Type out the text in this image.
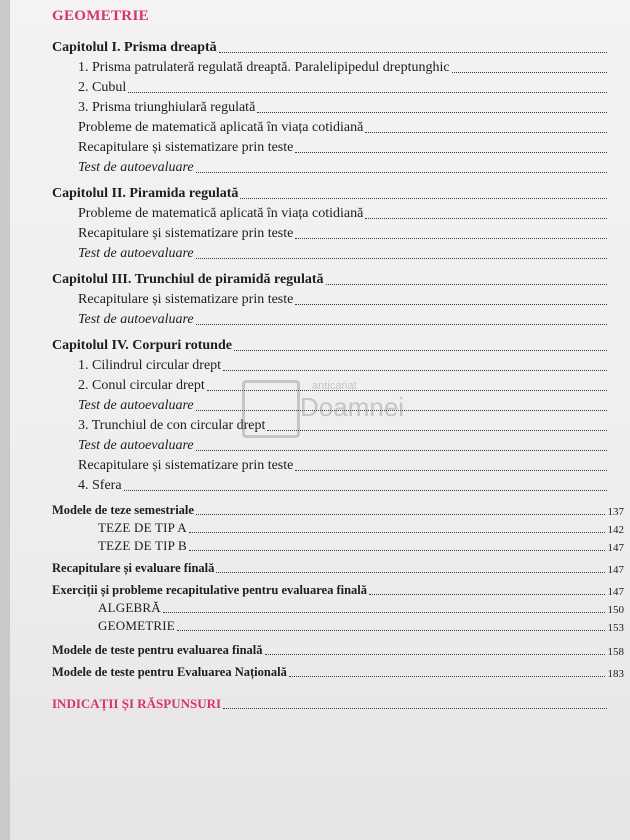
GEOMETRIE
Capitolul I. Prisma dreaptă
1. Prisma patrulateră regulată dreaptă. Paralelipipedul dreptunghic
2. Cubul
3. Prisma triunghiulară regulată
Probleme de matematică aplicată în viața cotidiană
Recapitulare și sistematizare prin teste
Test de autoevaluare
Capitolul II. Piramida regulată
Probleme de matematică aplicată în viața cotidiană
Recapitulare și sistematizare prin teste
Test de autoevaluare
Capitolul III. Trunchiul de piramidă regulată
Recapitulare și sistematizare prin teste
Test de autoevaluare
Capitolul IV. Corpuri rotunde
1. Cilindrul circular drept
2. Conul circular drept
Test de autoevaluare
3. Trunchiul de con circular drept
Test de autoevaluare
Recapitulare și sistematizare prin teste
4. Sfera
Modele de teze semestriale	137
TEZE DE TIP A	142
TEZE DE TIP B	147
Recapitulare și evaluare finală	147
Exerciții și probleme recapitulative pentru evaluarea finală	147
ALGEBRĂ	150
GEOMETRIE	153
Modele de teste pentru evaluarea finală	158
Modele de teste pentru Evaluarea Națională	183
INDICAȚII ȘI RĂSPUNSURI
anticariat
Doamnei
